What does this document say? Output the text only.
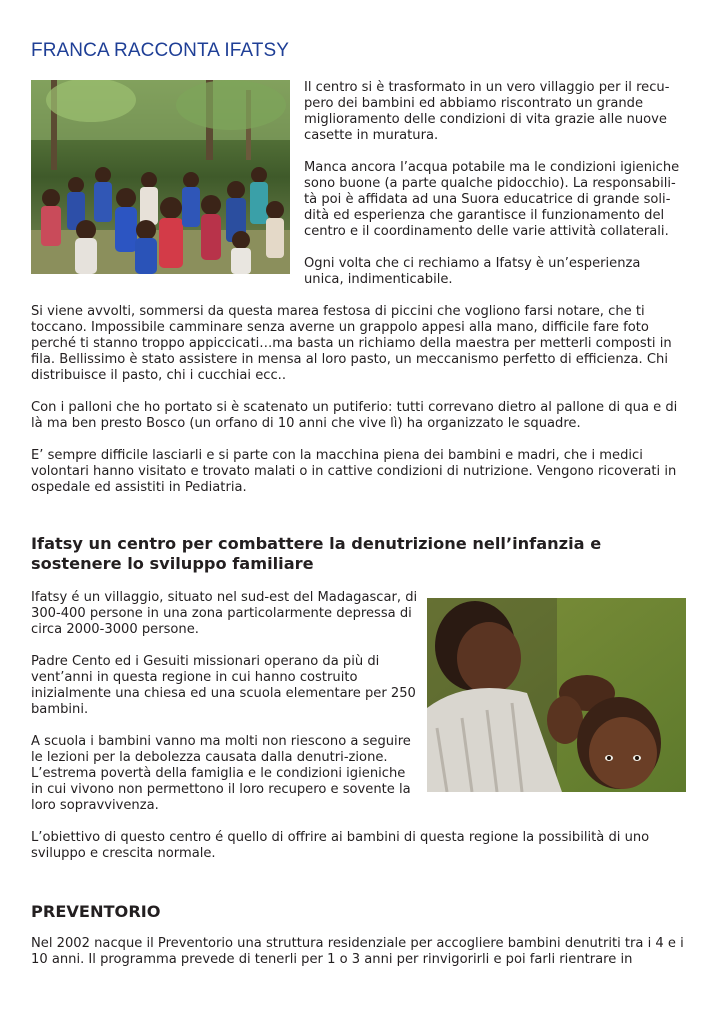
FRANCA RACCONTA IFATSY

Il centro si è trasformato in un vero villaggio per il recu-pero dei bambini ed abbiamo riscontrato un grande miglioramento delle condizioni di vita grazie alle nuove casette in muratura.

Manca ancora l’acqua potabile ma le condizioni igieniche sono buone (a parte qualche pidocchio). La responsabili-tà poi è affidata ad una Suora educatrice di grande soli-dità ed esperienza che garantisce il funzionamento del centro e il coordinamento delle varie attività collaterali.

Ogni volta che ci rechiamo a Ifatsy è un’esperienza unica, indimenticabile.

Si viene avvolti, sommersi da questa marea festosa di piccini che vogliono farsi notare, che ti toccano. Impossibile camminare senza averne un grappolo appesi alla mano, difficile fare foto perché ti stanno troppo appiccicati…ma basta un richiamo della maestra per metterli composti in fila. Bellissimo è stato assistere in mensa al loro pasto, un meccanismo perfetto di efficienza. Chi distribuisce il pasto, chi i cucchiai ecc..

Con i palloni che ho portato si è scatenato un putiferio: tutti correvano dietro al pallone di qua e di là ma ben presto Bosco (un orfano di 10 anni che vive lì) ha organizzato le squadre.

E’ sempre difficile lasciarli e si parte con la macchina piena dei bambini e madri, che i medici volontari hanno visitato e trovato malati o in cattive condizioni di nutrizione. Vengono ricoverati in ospedale ed assistiti in Pediatria.

Ifatsy un centro per combattere la denutrizione nell’infanzia e sostenere lo sviluppo familiare

Ifatsy é un villaggio, situato nel sud-est del Madagascar, di 300-400 persone in una zona particolarmente depressa di circa 2000-3000 persone.

Padre Cento ed i Gesuiti missionari operano da più di vent’anni in questa regione in cui hanno costruito inizialmente una chiesa ed una scuola elementare per 250 bambini.

A scuola i bambini vanno ma molti non riescono a seguire le lezioni per la debolezza causata dalla denutri-zione. L’estrema povertà della famiglia e le condizioni igieniche in cui vivono non permettono il loro recupero e sovente la loro sopravvivenza.

L’obiettivo di questo centro é quello di offrire ai bambini di questa regione la possibilità di uno sviluppo e crescita normale.

PREVENTORIO

Nel 2002 nacque il Preventorio una struttura residenziale per accogliere bambini denutriti tra i 4 e i 10 anni. Il programma prevede di tenerli per 1 o 3 anni per rinvigorirli e poi farli rientrare in
